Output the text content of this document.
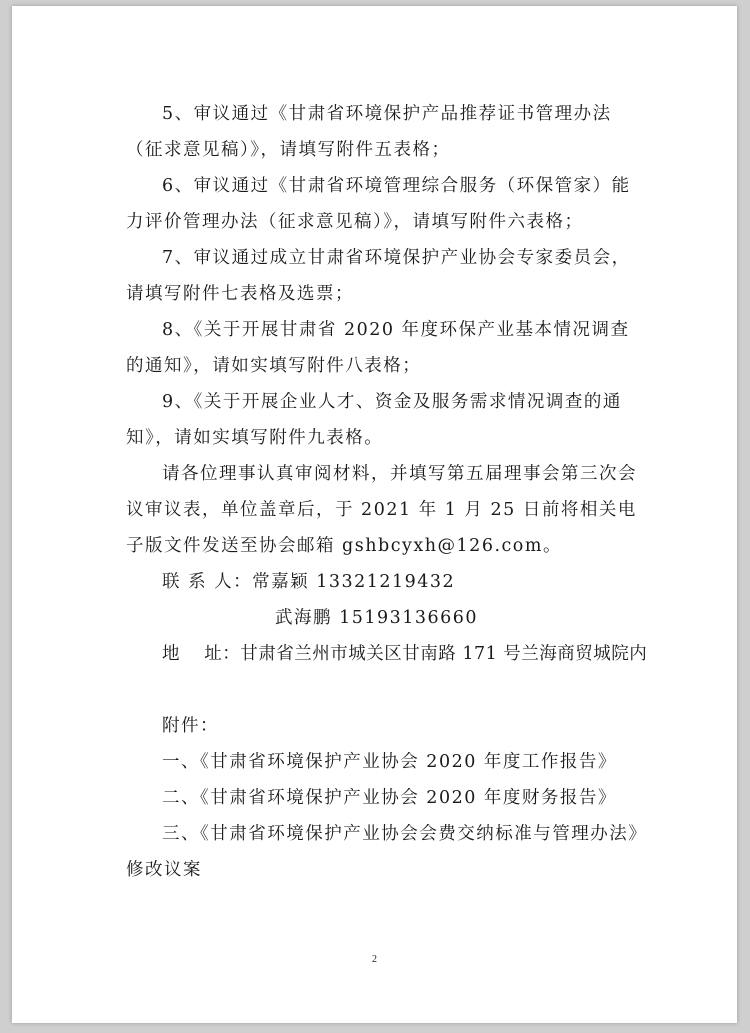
5、审议通过《甘肃省环境保护产品推荐证书管理办法（征求意见稿）》，请填写附件五表格；

6、审议通过《甘肃省环境管理综合服务（环保管家）能力评价管理办法（征求意见稿）》，请填写附件六表格；

7、审议通过成立甘肃省环境保护产业协会专家委员会，请填写附件七表格及选票；

8、《关于开展甘肃省 2020 年度环保产业基本情况调查的通知》，请如实填写附件八表格；

9、《关于开展企业人才、资金及服务需求情况调查的通知》，请如实填写附件九表格。

请各位理事认真审阅材料，并填写第五届理事会第三次会议审议表，单位盖章后，于 2021 年 1 月 25 日前将相关电子版文件发送至协会邮箱 gshbcyxh@126.com。

联 系 人：常嘉颖 13321219432
武海鹏 15193136660
地    址：甘肃省兰州市城关区甘南路 171 号兰海商贸城院内

附件：

一、《甘肃省环境保护产业协会 2020 年度工作报告》

二、《甘肃省环境保护产业协会 2020 年度财务报告》

三、《甘肃省环境保护产业协会会费交纳标准与管理办法》修改议案

2
